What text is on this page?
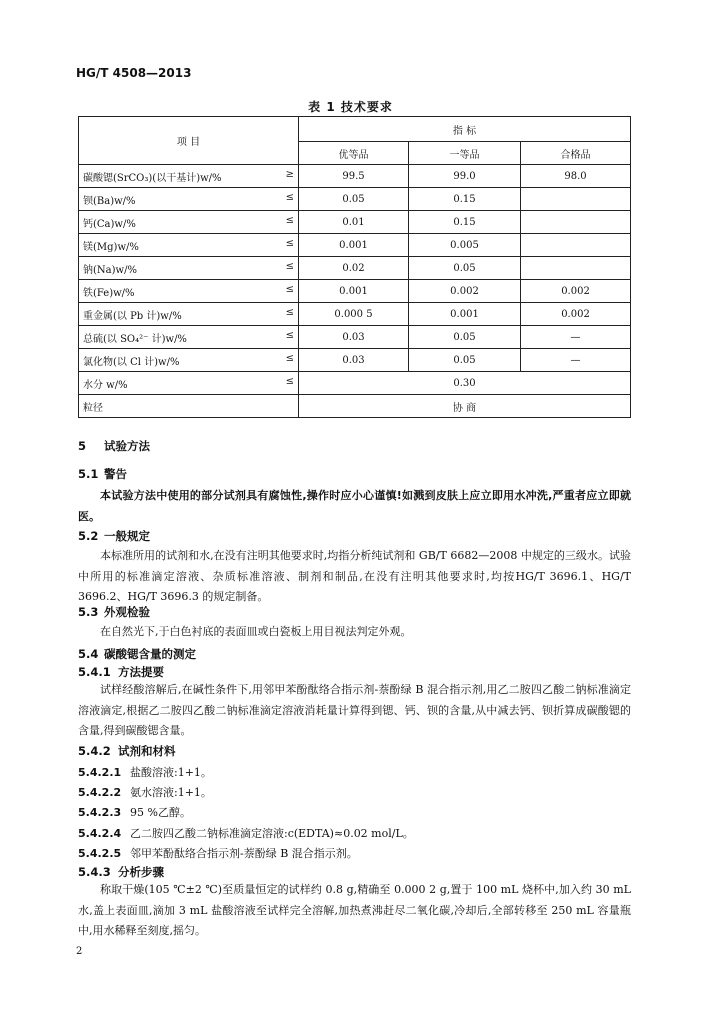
HG/T 4508—2013
表 1 技术要求
项 目	指 标		
	优等品	一等品	合格品

碳酸锶(SrCO₃)(以干基计)w/% ≥	99.5	99.0	98.0

钡(Ba)w/% ≤	0.05	0.15	

钙(Ca)w/% ≤	0.01	0.15	

镁(Mg)w/% ≤	0.001	0.005	

钠(Na)w/% ≤	0.02	0.05	

铁(Fe)w/% ≤	0.001	0.002	0.002

重金属(以 Pb 计)w/% ≤	0.000 5	0.001	0.002

总硫(以 SO₄²⁻ 计)w/% ≤	0.03	0.05	—

氯化物(以 Cl 计)w/% ≤	0.03	0.05	—

水分 w/% ≤	0.30		
粒径	协 商		
5 试验方法
5.1 警告
本试验方法中使用的部分试剂具有腐蚀性,操作时应小心谨慎!如溅到皮肤上应立即用水冲洗,严重者应立即就医。
5.2 一般规定
本标准所用的试剂和水,在没有注明其他要求时,均指分析纯试剂和 GB/T 6682—2008 中规定的三级水。试验中所用的标准滴定溶液、杂质标准溶液、制剂和制品,在没有注明其他要求时,均按HG/T 3696.1、HG/T 3696.2、HG/T 3696.3 的规定制备。
5.3 外观检验
在自然光下,于白色衬底的表面皿或白瓷板上用目视法判定外观。
5.4 碳酸锶含量的测定
5.4.1 方法提要
试样经酸溶解后,在碱性条件下,用邻甲苯酚酞络合指示剂-萘酚绿 B 混合指示剂,用乙二胺四乙酸二钠标准滴定溶液滴定,根据乙二胺四乙酸二钠标准滴定溶液消耗量计算得到锶、钙、钡的含量,从中减去钙、钡折算成碳酸锶的含量,得到碳酸锶含量。
5.4.2 试剂和材料
5.4.2.1 盐酸溶液:1+1。
5.4.2.2 氨水溶液:1+1。
5.4.2.3 95 %乙醇。
5.4.2.4 乙二胺四乙酸二钠标准滴定溶液:c(EDTA)≈0.02 mol/L。
5.4.2.5 邻甲苯酚酞络合指示剂-萘酚绿 B 混合指示剂。
5.4.3 分析步骤
称取干燥(105 ℃±2 ℃)至质量恒定的试样约 0.8 g,精确至 0.000 2 g,置于 100 mL 烧杯中,加入约 30 mL 水,盖上表面皿,滴加 3 mL 盐酸溶液至试样完全溶解,加热煮沸赶尽二氧化碳,冷却后,全部转移至 250 mL 容量瓶中,用水稀释至刻度,摇匀。
2
